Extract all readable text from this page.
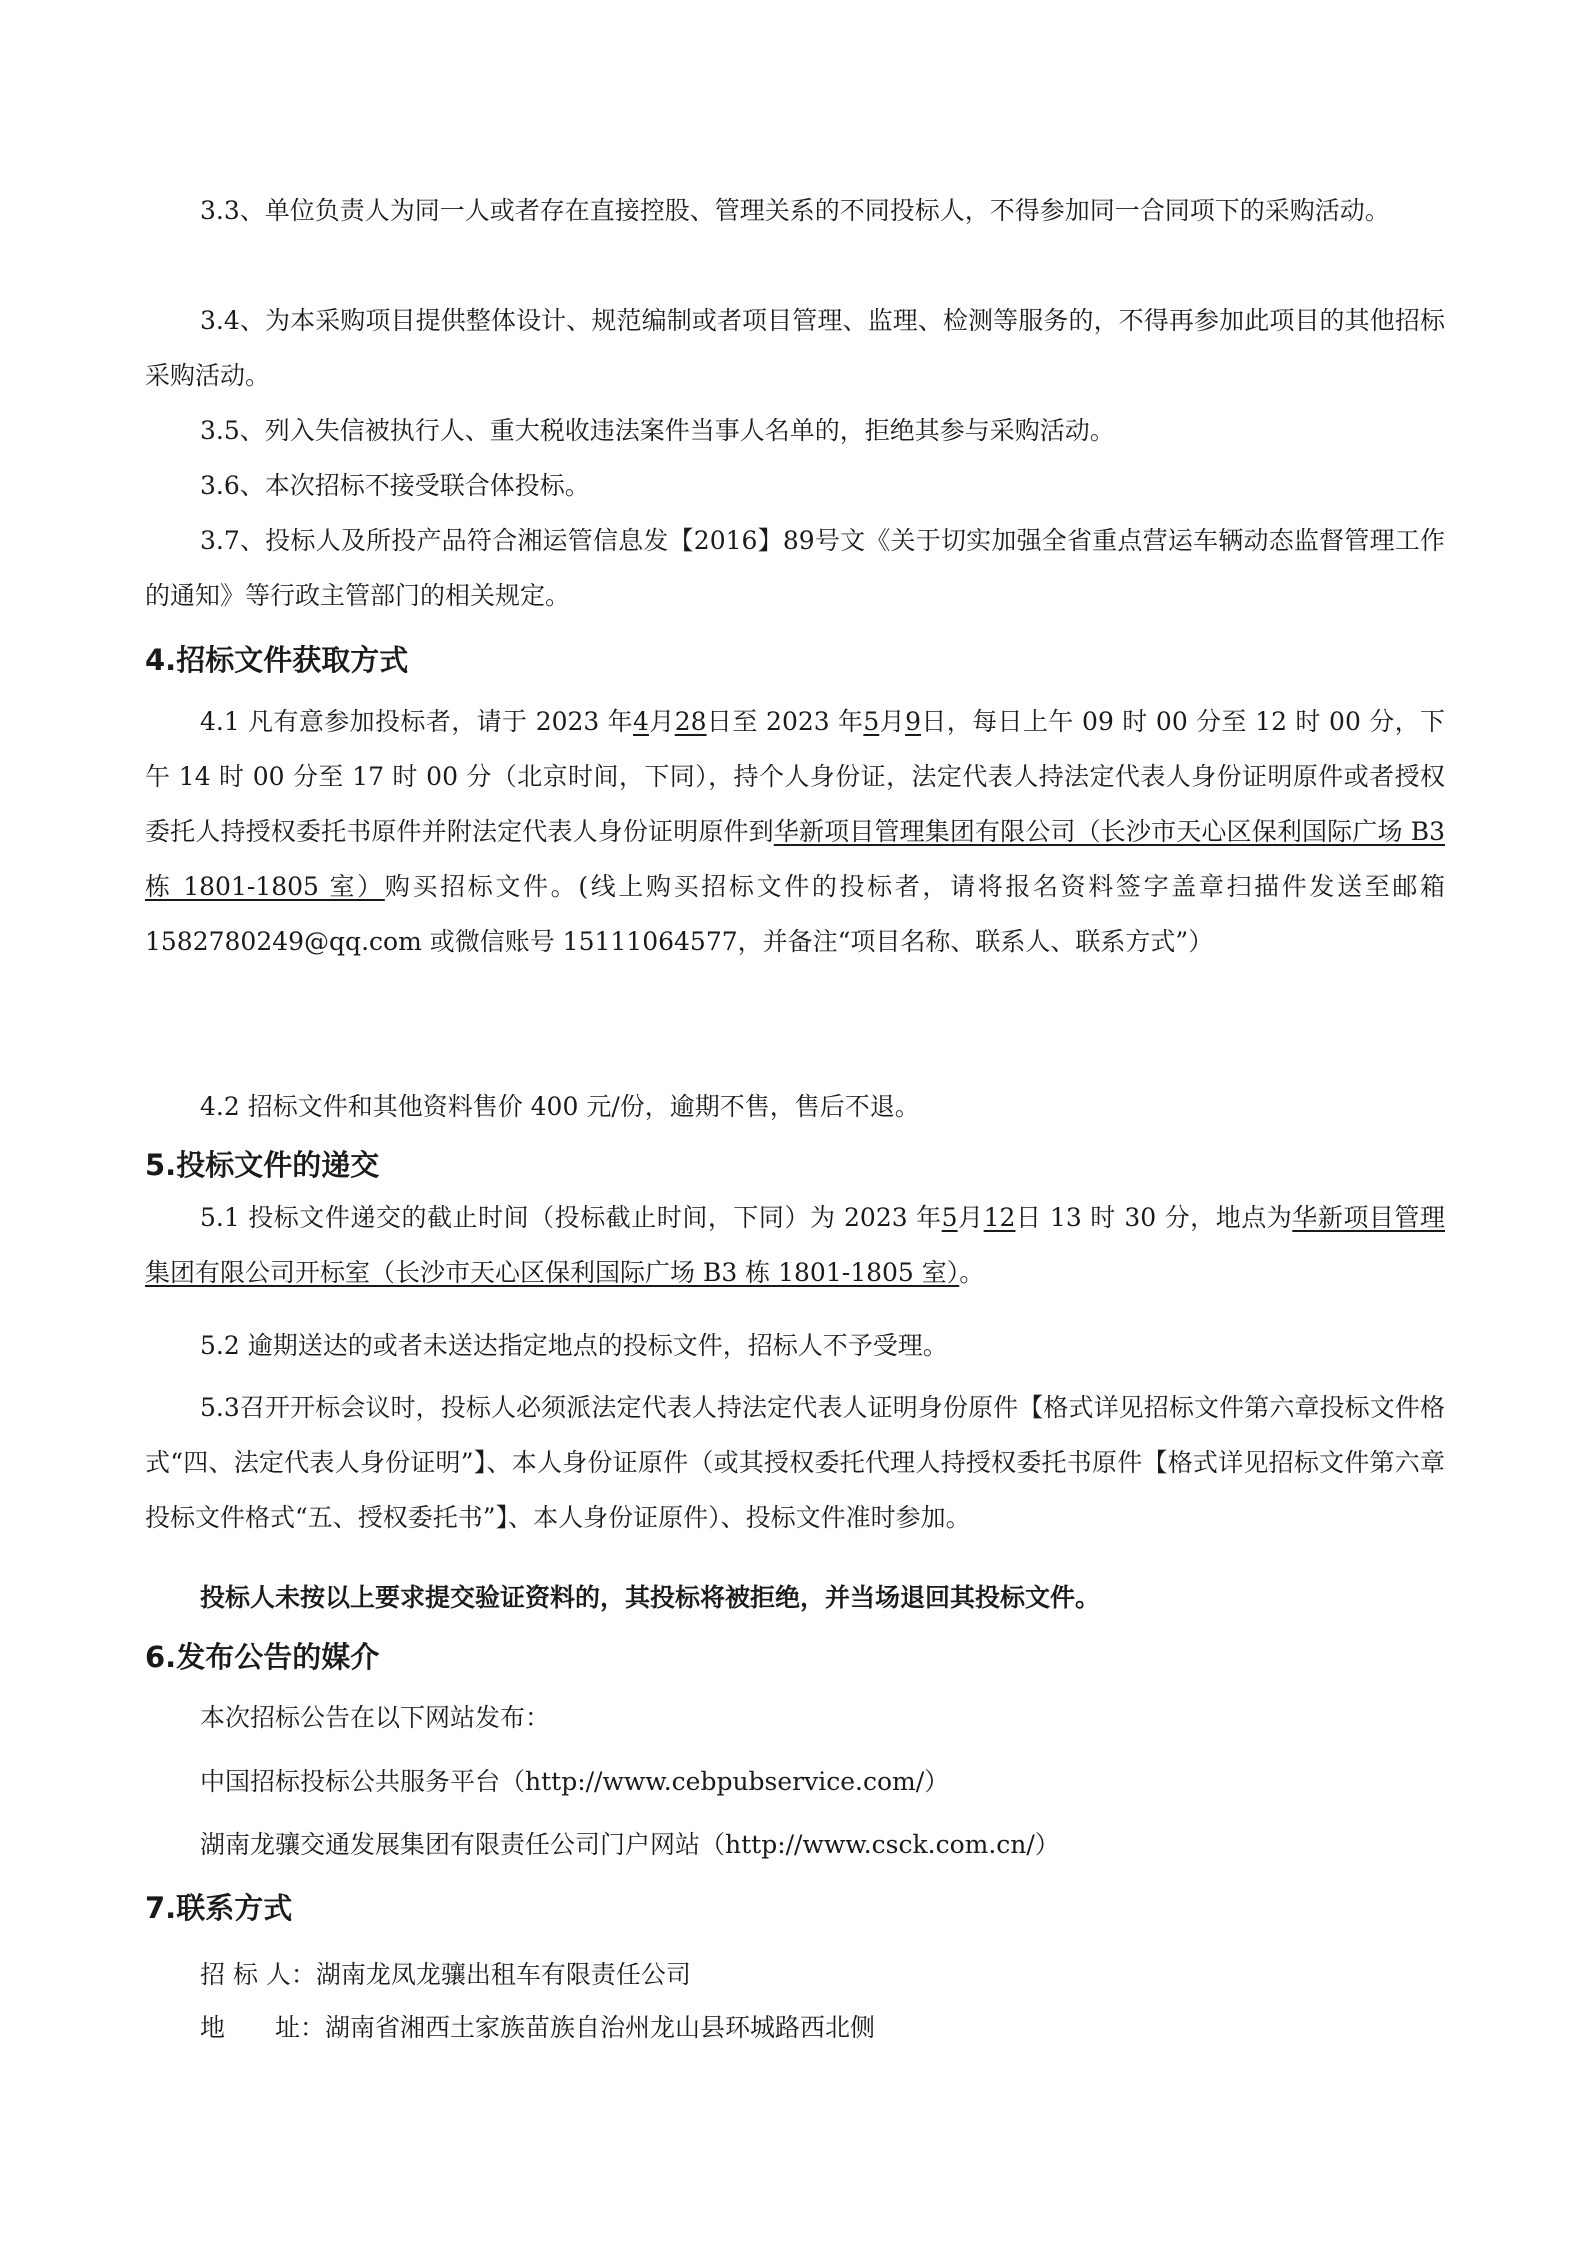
3.3、单位负责人为同一人或者存在直接控股、管理关系的不同投标人，不得参加同一合同项下的采购活动。

3.4、为本采购项目提供整体设计、规范编制或者项目管理、监理、检测等服务的，不得再参加此项目的其他招标采购活动。

3.5、列入失信被执行人、重大税收违法案件当事人名单的，拒绝其参与采购活动。

3.6、本次招标不接受联合体投标。

3.7、投标人及所投产品符合湘运管信息发【2016】89号文《关于切实加强全省重点营运车辆动态监督管理工作的通知》等行政主管部门的相关规定。

4.招标文件获取方式

4.1 凡有意参加投标者，请于 2023 年4月28日至 2023 年5月9日，每日上午 09 时 00 分至 12 时 00 分，下午 14 时 00 分至 17 时 00 分（北京时间，下同），持个人身份证，法定代表人持法定代表人身份证明原件或者授权委托人持授权委托书原件并附法定代表人身份证明原件到华新项目管理集团有限公司（长沙市天心区保利国际广场 B3 栋 1801-1805 室）购买招标文件。(线上购买招标文件的投标者，请将报名资料签字盖章扫描件发送至邮箱 1582780249@qq.com 或微信账号 15111064577，并备注“项目名称、联系人、联系方式”）

4.2 招标文件和其他资料售价 400 元/份，逾期不售，售后不退。

5.投标文件的递交

5.1 投标文件递交的截止时间（投标截止时间，下同）为 2023 年5月12日 13 时 30 分，地点为华新项目管理集团有限公司开标室（长沙市天心区保利国际广场 B3 栋 1801-1805 室）。

5.2 逾期送达的或者未送达指定地点的投标文件，招标人不予受理。

5.3召开开标会议时，投标人必须派法定代表人持法定代表人证明身份原件【格式详见招标文件第六章投标文件格式“四、法定代表人身份证明”】、本人身份证原件（或其授权委托代理人持授权委托书原件【格式详见招标文件第六章投标文件格式“五、授权委托书”】、本人身份证原件）、投标文件准时参加。

投标人未按以上要求提交验证资料的，其投标将被拒绝，并当场退回其投标文件。

6.发布公告的媒介

本次招标公告在以下网站发布：

中国招标投标公共服务平台（http://www.cebpubservice.com/）

湖南龙骧交通发展集团有限责任公司门户网站（http://www.csck.com.cn/）

7.联系方式

招 标 人：湖南龙凤龙骧出租车有限责任公司

地　　址：湖南省湘西土家族苗族自治州龙山县环城路西北侧
